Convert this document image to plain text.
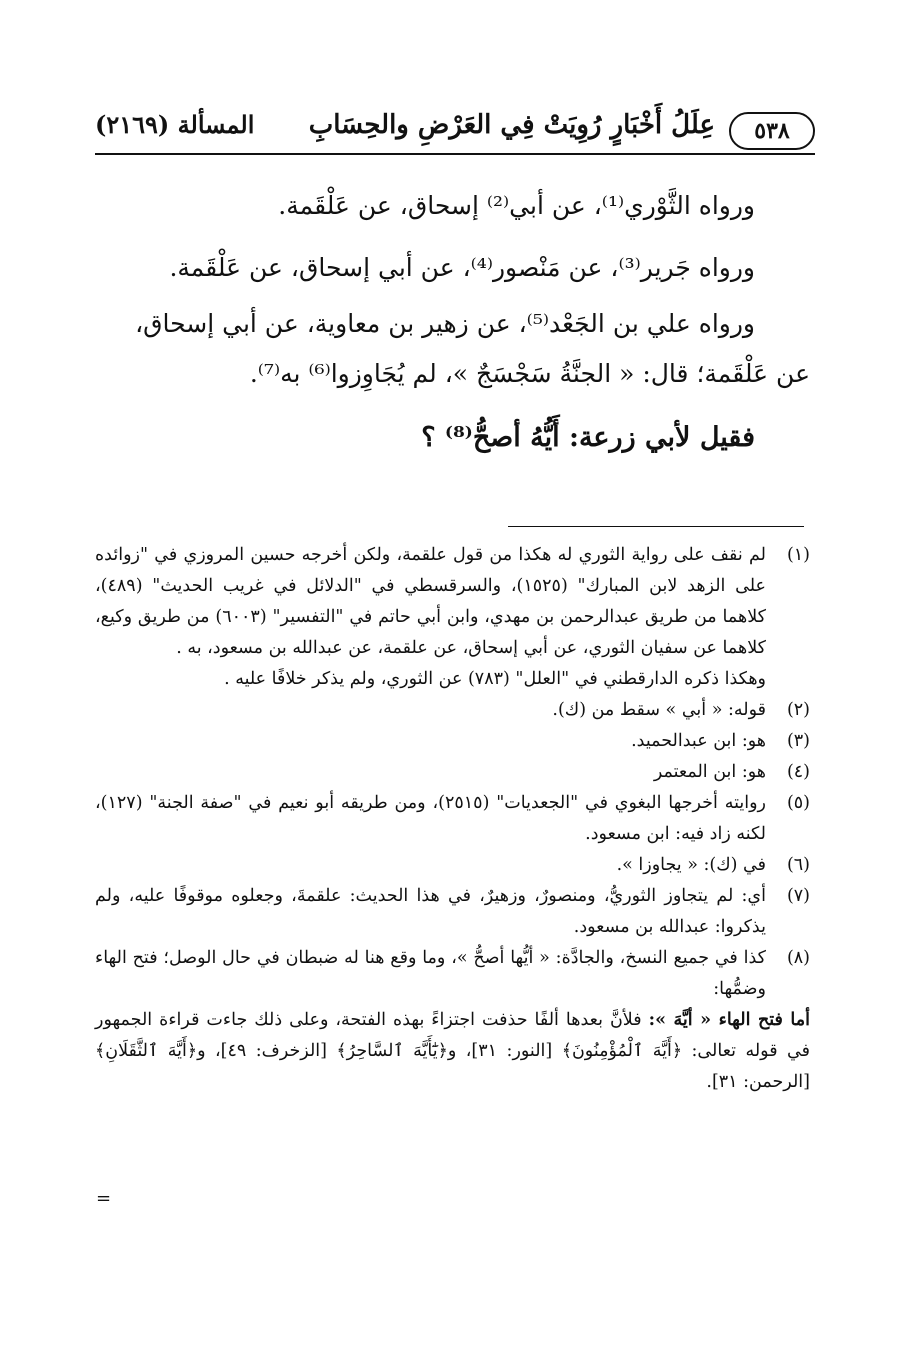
٥٣٨
عِلَلُ أَخْبَارٍ رُوِيَتْ فِي العَرْضِ والحِسَابِ
المسألة (٢١٦٩)

ورواه الثَّوْري⁽¹⁾، عن أبي⁽²⁾ إسحاق، عن عَلْقَمة.

ورواه جَرير⁽³⁾، عن مَنْصور⁽⁴⁾، عن أبي إسحاق، عن عَلْقَمة.

ورواه علي بن الجَعْد⁽⁵⁾، عن زهير بن معاوية، عن أبي إسحاق،

عن عَلْقَمة؛ قال: « الجنَّةُ سَجْسَجٌ »، لم يُجَاوِزوا⁽⁶⁾ به⁽⁷⁾.

فقيل لأبي زرعة: أَيُّهُ أصحُّ⁽⁸⁾ ؟

(١)

لم نقف على رواية الثوري له هكذا من قول علقمة، ولكن أخرجه حسين المروزي في "زوائده على الزهد لابن المبارك" (١٥٢٥)، والسرقسطي في "الدلائل في غريب الحديث" (٤٨٩)، كلاهما من طريق عبدالرحمن بن مهدي، وابن أبي حاتم في "التفسير" (٦٠٠٣) من طريق وكيع، كلاهما عن سفيان الثوري، عن أبي إسحاق، عن علقمة، عن عبدالله بن مسعود، به .

وهكذا ذكره الدارقطني في "العلل" (٧٨٣) عن الثوري، ولم يذكر خلافًا عليه .

(٢)
قوله: « أبي » سقط من (ك).
(٣)
هو: ابن عبدالحميد.
(٤)
هو: ابن المعتمر
(٥)
روايته أخرجها البغوي في "الجعديات" (٢٥١٥)، ومن طريقه أبو نعيم في "صفة الجنة" (١٢٧)، لكنه زاد فيه: ابن مسعود.
(٦)
في (ك): « يجاوزا ».
(٧)
أي: لم يتجاوز الثوريُّ، ومنصورٌ، وزهيرٌ، في هذا الحديث: علقمةَ، وجعلوه موقوفًا عليه، ولم يذكروا: عبدالله بن مسعود.
(٨)
كذا في جميع النسخ، والجادَّة: « أيُّها أصحُّ »، وما وقع هنا له ضبطان في حال الوصل؛ فتح الهاء وضمُّها:

أما فتح الهاء « أيَّهَ »: فلأنَّ بعدها ألفًا حذفت اجتزاءً بهذه الفتحة، وعلى ذلك جاءت قراءة الجمهور في قوله تعالى: ﴿أَيَّهَ ٱلْمُؤْمِنُونَ﴾ [النور: ٣١]، و﴿يَٰٓأَيَّهَ ٱلسَّاحِرُ﴾ [الزخرف: ٤٩]، و﴿أَيَّهَ ٱلثَّقَلَانِ﴾ [الرحمن: ٣١].

=
